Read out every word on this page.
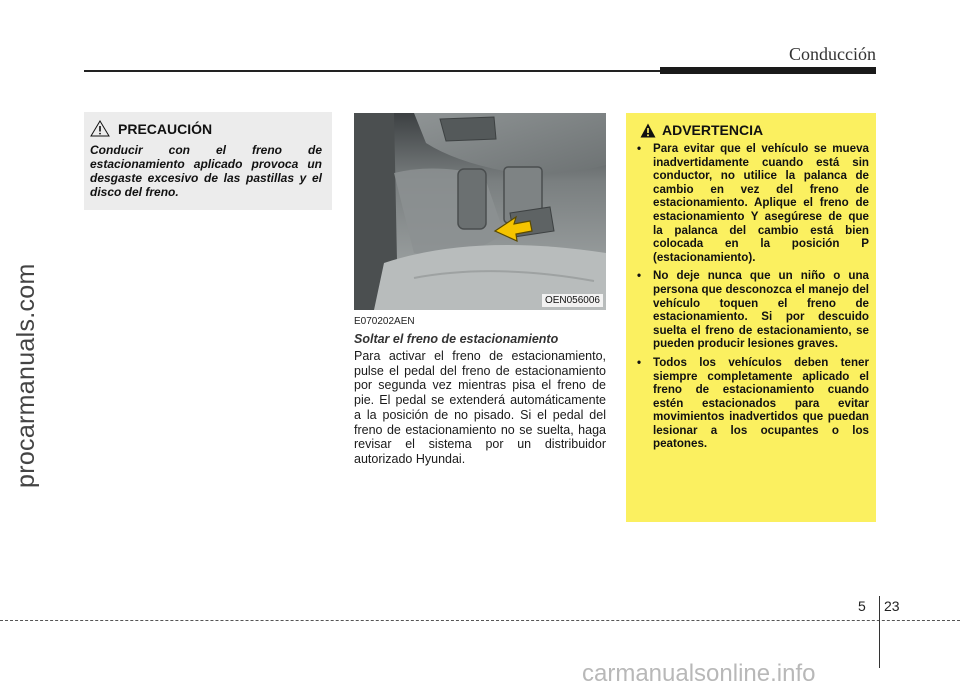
Conducción
procarmanuals.com
PRECAUCIÓN
Conducir con el freno de estacionamiento aplicado provoca un desgaste excesivo de las pastillas y el disco del freno.
OEN056006
E070202AEN
Soltar el freno de estacionamiento
Para activar el freno de estacionamiento, pulse el pedal del freno de estacionamiento por segunda vez mientras pisa el freno de pie. El pedal se extenderá automáticamente a la posición de no pisado. Si el pedal del freno de estacionamiento no se suelta, haga revisar el sistema por un distribuidor autorizado Hyundai.
ADVERTENCIA
• Para evitar que el vehículo se mueva inadvertidamente cuando está sin conductor, no utilice la palanca de cambio en vez del freno de estacionamiento. Aplique el freno de estacionamiento Y asegúrese de que la palanca del cambio está bien colocada en la posición P (estacionamiento).
• No deje nunca que un niño o una persona que desconozca el manejo del vehículo toquen el freno de estacionamiento. Si por descuido suelta el freno de estacionamiento, se pueden producir lesiones graves.
• Todos los vehículos deben tener siempre completamente aplicado el freno de estacionamiento cuando estén estacionados para evitar movimientos inadvertidos que puedan lesionar a los ocupantes o los peatones.
5 23
carmanualsonline.info
